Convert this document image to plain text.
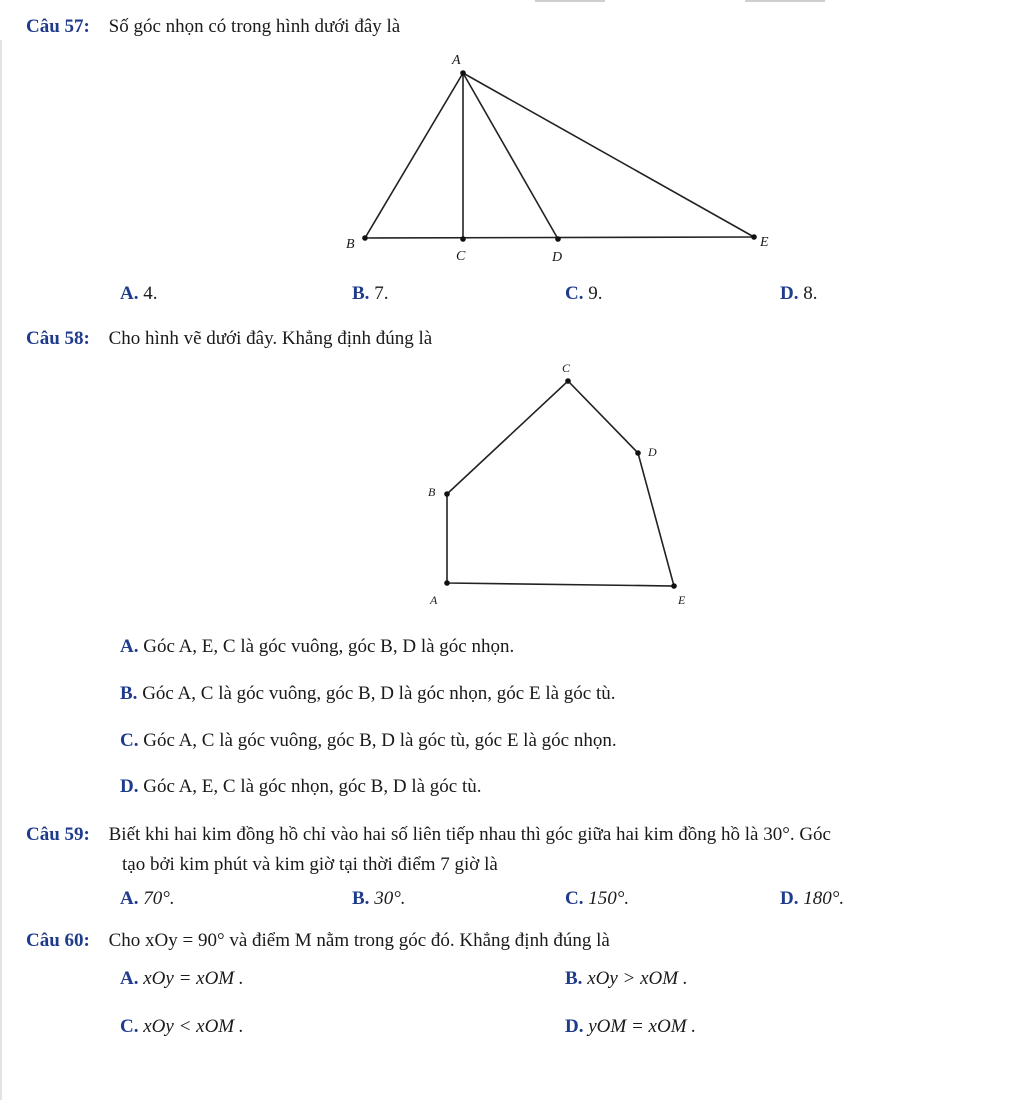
Câu 57: Số góc nhọn có trong hình dưới đây là
A
B
C	D
E
A. 4.	B. 7.	C. 9.	D. 8.
Câu 58: Cho hình vẽ dưới đây. Khẳng định đúng là
A
B
C
D
E
A. Góc A, E, C là góc vuông, góc B, D là góc nhọn.
B. Góc A, C là góc vuông, góc B, D là góc nhọn, góc E là góc tù.
C. Góc A, C là góc vuông, góc B, D là góc tù, góc E là góc nhọn.
D. Góc A, E, C là góc nhọn, góc B, D là góc tù.
Câu 59: Biết khi hai kim đồng hồ chỉ vào hai số liên tiếp nhau thì góc giữa hai kim đồng hồ là 30°. Góc
tạo bởi kim phút và kim giờ tại thời điểm 7 giờ là
A. 70°.	B. 30°.	C. 150°.	D. 180°.
Câu 60: Cho xOy = 90° và điểm M nằm trong góc đó. Khẳng định đúng là
A. xOy = xOM .	B. xOy > xOM .
C. xOy < xOM .	D. yOM = xOM .
